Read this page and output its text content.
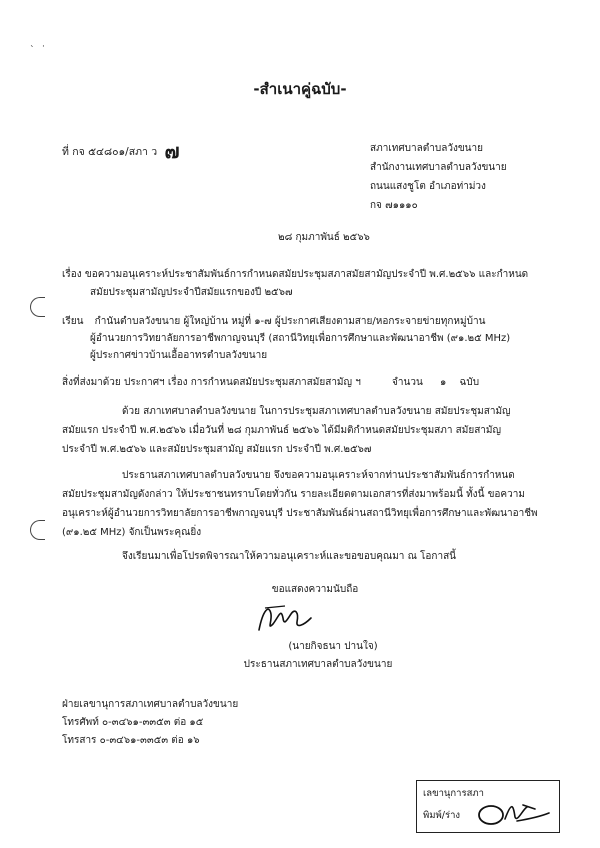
ˎ ·
-สำเนาคู่ฉบับ-
ที่ กจ ๕๔๘๐๑/สภา ว ๗	สภาเทศบาลตำบลวังขนาย
สำนักงานเทศบาลตำบลวังขนาย
ถนนแสงชูโต อำเภอท่าม่วง
กจ ๗๑๑๑๐
๒๘ กุมภาพันธ์ ๒๕๖๖
เรื่อง ขอความอนุเคราะห์ประชาสัมพันธ์การกำหนดสมัยประชุมสภาสมัยสามัญประจำปี พ.ศ.๒๕๖๖ และกำหนด
สมัยประชุมสามัญประจำปีสมัยแรกของปี ๒๕๖๗
เรียน กำนันตำบลวังขนาย ผู้ใหญ่บ้าน หมู่ที่ ๑-๗ ผู้ประกาศเสียงตามสาย/หอกระจายข่ายทุกหมู่บ้าน
ผู้อำนวยการวิทยาลัยการอาชีพกาญจนบุรี (สถานีวิทยุเพื่อการศึกษาและพัฒนาอาชีพ (๙๑.๒๕ MHz)
ผู้ประกาศข่าวบ้านเอื้ออาทรตำบลวังขนาย
สิ่งที่ส่งมาด้วย ประกาศฯ เรื่อง การกำหนดสมัยประชุมสภาสมัยสามัญ ฯ	จำนวน ๑ ฉบับ
ด้วย สภาเทศบาลตำบลวังขนาย ในการประชุมสภาเทศบาลตำบลวังขนาย สมัยประชุมสามัญ
สมัยแรก ประจำปี พ.ศ.๒๕๖๖ เมื่อวันที่ ๒๘ กุมภาพันธ์ ๒๕๖๖ ได้มีมติกำหนดสมัยประชุมสภา สมัยสามัญ
ประจำปี พ.ศ.๒๕๖๖ และสมัยประชุมสามัญ สมัยแรก ประจำปี พ.ศ.๒๕๖๗
ประธานสภาเทศบาลตำบลวังขนาย จึงขอความอนุเคราะห์จากท่านประชาสัมพันธ์การกำหนด
สมัยประชุมสามัญดังกล่าว ให้ประชาชนทราบโดยทั่วกัน รายละเอียดตามเอกสารที่ส่งมาพร้อมนี้ ทั้งนี้ ขอความ
อนุเคราะห์ผู้อำนวยการวิทยาลัยการอาชีพกาญจนบุรี ประชาสัมพันธ์ผ่านสถานีวิทยุเพื่อการศึกษาและพัฒนาอาชีพ
(๙๑.๒๕ MHz) จักเป็นพระคุณยิ่ง
จึงเรียนมาเพื่อโปรดพิจารณาให้ความอนุเคราะห์และขอขอบคุณมา ณ โอกาสนี้
ขอแสดงความนับถือ
(นายกิจธนา ปานใจ)
ประธานสภาเทศบาลตำบลวังขนาย
ฝ่ายเลขานุการสภาเทศบาลตำบลวังขนาย
โทรศัพท์ ๐-๓๔๖๑-๓๓๕๓ ต่อ ๑๕
โทรสาร ๐-๓๔๖๑-๓๓๕๓ ต่อ ๑๖
เลขานุการสภา
พิมพ์/ร่าง
